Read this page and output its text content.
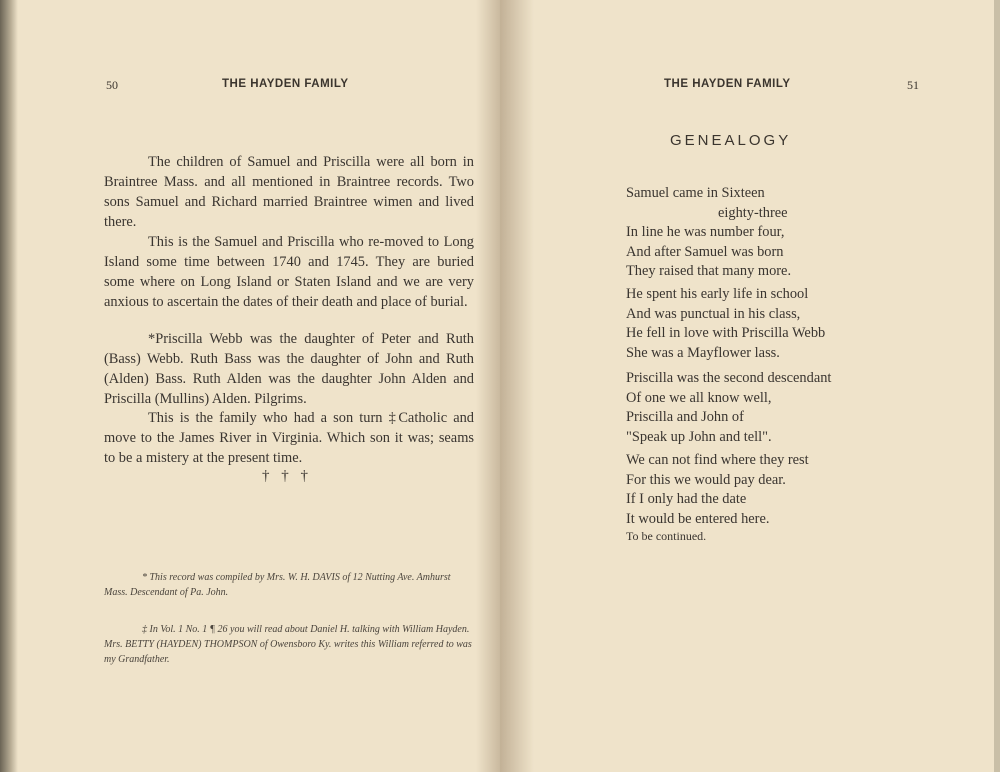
50	THE HAYDEN FAMILY

The children of Samuel and Priscilla were all born in Braintree Mass. and all mentioned in Braintree records. Two sons Samuel and Richard married Braintree wimen and lived there.

This is the Samuel and Priscilla who re-moved to Long Island some time between 1740 and 1745. They are buried some where on Long Island or Staten Island and we are very anxious to ascertain the dates of their death and place of burial.

*Priscilla Webb was the daughter of Peter and Ruth (Bass) Webb. Ruth Bass was the daughter of John and Ruth (Alden) Bass. Ruth Alden was the daughter John Alden and Priscilla (Mullins) Alden. Pilgrims.

This is the family who had a son turn ‡Catholic and move to the James River in Virginia. Which son it was; seams to be a mistery at the present time.

† † †
* This record was compiled by Mrs. W. H. DAVIS of 12 Nutting Ave. Amhurst Mass. Descendant of Pa. John.
‡ In Vol. 1 No. 1 ¶ 26 you will read about Daniel H. talking with William Hayden. Mrs. BETTY (HAYDEN) THOMPSON of Owensboro Ky. writes this William referred to was my Grandfather.
THE HAYDEN FAMILY	51
GENEALOGY
Samuel came in Sixteen
eighty-three
In line he was number four,
And after Samuel was born
They raised that many more.
He spent his early life in school
And was punctual in his class,
He fell in love with Priscilla Webb
She was a Mayflower lass.
Priscilla was the second descendant
Of one we all know well,
Priscilla and John of
"Speak up John and tell".
We can not find where they rest
For this we would pay dear.
If I only had the date
It would be entered here.
To be continued.
